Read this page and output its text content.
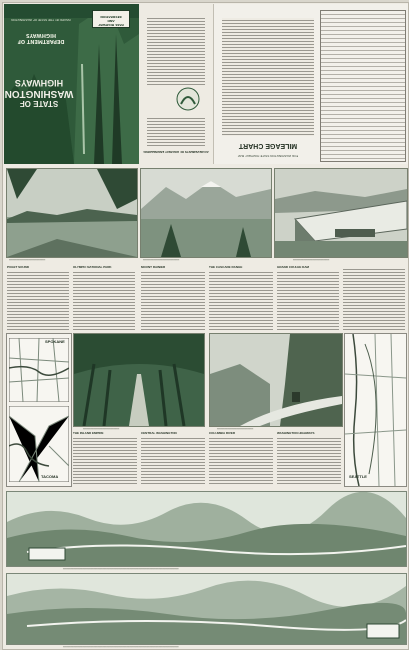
STATE OF
WASHINGTON
HIGHWAYS
DEPARTMENT OF HIGHWAYS
ISSUED BY THE STATE OF WASHINGTON
PASS HIGHWAY
AND
RECREATION
ACHIEVEMENTS OF HIGHWAY ENGINEERING
MILEAGE CHART
FOR WASHINGTON STATE HIGHWAY MAP
━━━━━━━━━━━━━━━━━━━━	━━━━━━━━━━━━━━━━━━━━	━━━━━━━━━━━━━━━━━━━━
PUGET SOUND	OLYMPIC NATIONAL PARK	MOUNT RAINIER	THE CASCADE RANGE	GRAND COULEE DAM
SPOKANE
TACOMA
━━━━━━━━━━━━━━━━━━━━	━━━━━━━━━━━━━━━━━━━━
SEATTLE
THE INLAND EMPIRE	CENTRAL WASHINGTON	COLUMBIA RIVER	WASHINGTON HIGHWAYS
━━━━━━━━━━━━━━━━━━━━━━━━━━━━━━━━━━━━━━━━━━━━━━━━━━━━━━━━━━━━━━━━
━━━━━━━━━━━━━━━━━━━━━━━━━━━━━━━━━━━━━━━━━━━━━━━━━━━━━━━━━━━━━━━━
